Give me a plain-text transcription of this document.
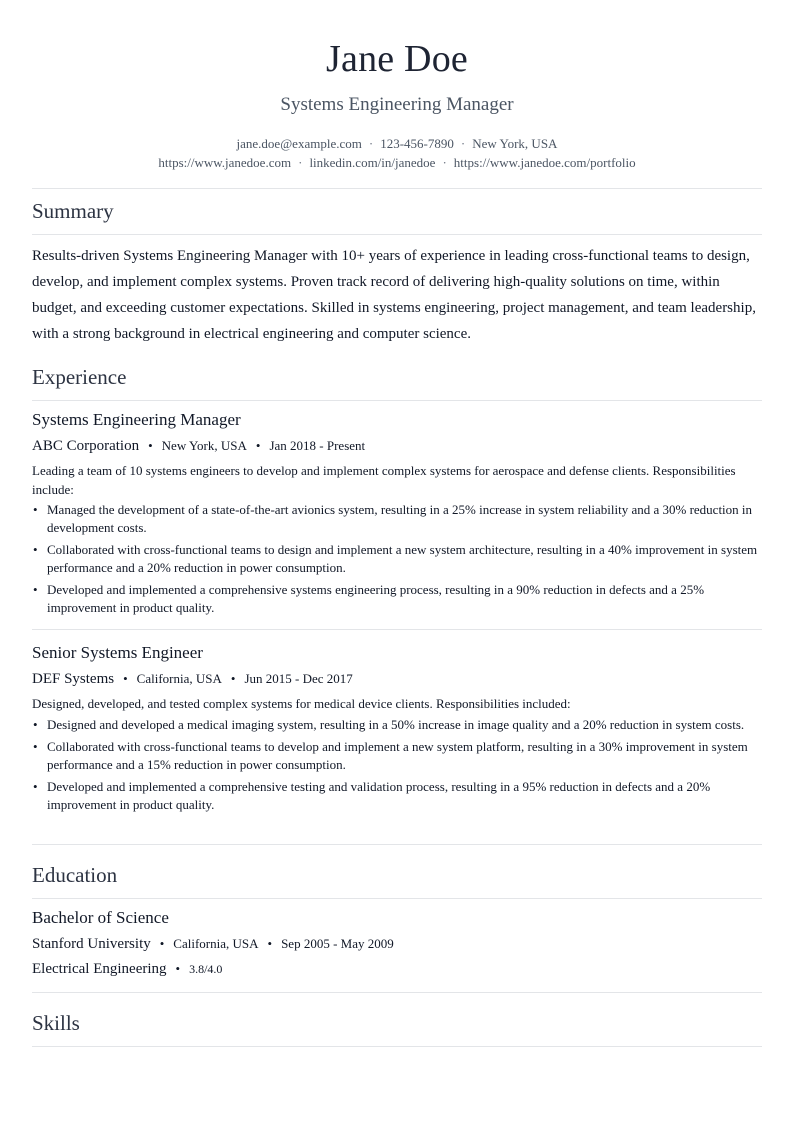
Jane Doe
Systems Engineering Manager
jane.doe@example.com · 123-456-7890 · New York, USA
https://www.janedoe.com · linkedin.com/in/janedoe · https://www.janedoe.com/portfolio
Summary
Results-driven Systems Engineering Manager with 10+ years of experience in leading cross-functional teams to design, develop, and implement complex systems. Proven track record of delivering high-quality solutions on time, within budget, and exceeding customer expectations. Skilled in systems engineering, project management, and team leadership, with a strong background in electrical engineering and computer science.
Experience
Systems Engineering Manager
ABC Corporation • New York, USA • Jan 2018 - Present
Leading a team of 10 systems engineers to develop and implement complex systems for aerospace and defense clients. Responsibilities include:
• Managed the development of a state-of-the-art avionics system, resulting in a 25% increase in system reliability and a 30% reduction in development costs.
• Collaborated with cross-functional teams to design and implement a new system architecture, resulting in a 40% improvement in system performance and a 20% reduction in power consumption.
• Developed and implemented a comprehensive systems engineering process, resulting in a 90% reduction in defects and a 25% improvement in product quality.
Senior Systems Engineer
DEF Systems • California, USA • Jun 2015 - Dec 2017
Designed, developed, and tested complex systems for medical device clients. Responsibilities included:
• Designed and developed a medical imaging system, resulting in a 50% increase in image quality and a 20% reduction in system costs.
• Collaborated with cross-functional teams to develop and implement a new system platform, resulting in a 30% improvement in system performance and a 15% reduction in power consumption.
• Developed and implemented a comprehensive testing and validation process, resulting in a 95% reduction in defects and a 20% improvement in product quality.
Education
Bachelor of Science
Stanford University • California, USA • Sep 2005 - May 2009
Electrical Engineering • 3.8/4.0
Skills
